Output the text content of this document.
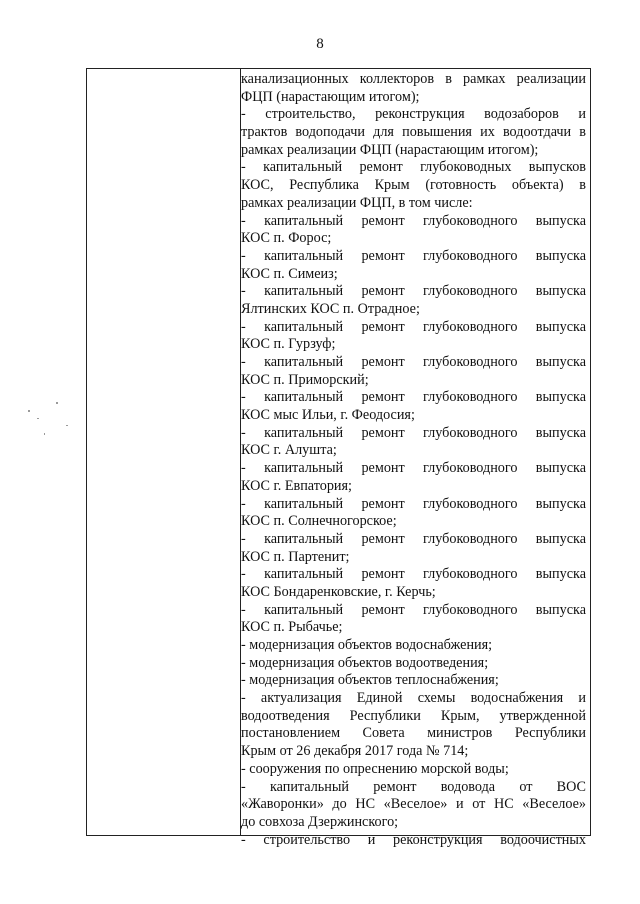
8
канализационных коллекторов в рамках реализации
ФЦП (нарастающим итогом);
- строительство, реконструкция водозаборов и
трактов водоподачи для повышения их водоотдачи в
рамках реализации ФЦП (нарастающим итогом);
- капитальный ремонт глубоководных выпусков
КОС, Республика Крым (готовность объекта) в
рамках реализации ФЦП, в том числе:
- капитальный ремонт глубоководного выпуска
КОС п. Форос;
- капитальный ремонт глубоководного выпуска
КОС п. Симеиз;
- капитальный ремонт глубоководного выпуска
Ялтинских КОС п. Отрадное;
- капитальный ремонт глубоководного выпуска
КОС п. Гурзуф;
- капитальный ремонт глубоководного выпуска
КОС п. Приморский;
- капитальный ремонт глубоководного выпуска
КОС мыс Ильи, г. Феодосия;
- капитальный ремонт глубоководного выпуска
КОС г. Алушта;
- капитальный ремонт глубоководного выпуска
КОС г. Евпатория;
- капитальный ремонт глубоководного выпуска
КОС п. Солнечногорское;
- капитальный ремонт глубоководного выпуска
КОС п. Партенит;
- капитальный ремонт глубоководного выпуска
КОС Бондаренковские, г. Керчь;
- капитальный ремонт глубоководного выпуска
КОС п. Рыбачье;
- модернизация объектов водоснабжения;
- модернизация объектов водоотведения;
- модернизация объектов теплоснабжения;
- актуализация Единой схемы водоснабжения и
водоотведения Республики Крым, утвержденной
постановлением Совета министров Республики
Крым от 26 декабря 2017 года № 714;
- сооружения по опреснению морской воды;
- капитальный ремонт водовода от ВОС
«Жаворонки» до НС «Веселое» и от НС «Веселое»
до совхоза Дзержинского;
- строительство и реконструкция водоочистных
